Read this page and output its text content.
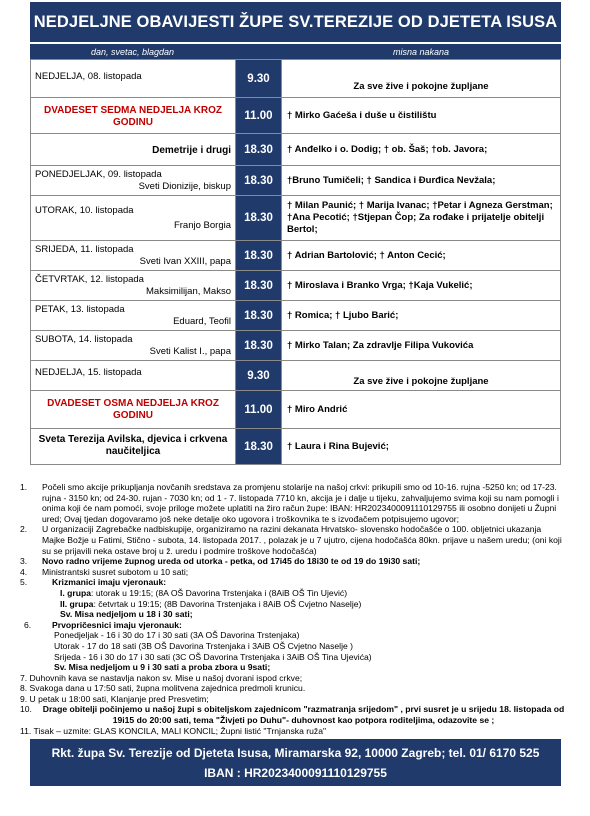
NEDJELJNE OBAVIJESTI ŽUPE SV.TEREZIJE OD DJETETA ISUSA
dan, svetac, blagdan	misna nakana
NEDJELJA, 08. listopada	9.30	Za sve žive i pokojne župljane

DVADESET SEDMA NEDJELJA KROZ GODINU	11.00	† Mirko Gaćeša i duše u čistilištu

Demetrije i drugi	18.30	† Anđelko i o. Dodig; † ob. Šaš; †ob. Javora;

PONEDJELJAK, 09. listopada
Sveti Dionizije, biskup	18.30	†Bruno Tumičeli; † Sandica i Đurđica Nevžala;

UTORAK, 10. listopada
Franjo Borgia	18.30	† Milan Paunić; † Marija Ivanac; †Petar i Agneza Gerstman; †Ana Pecotić; †Stjepan Čop; Za rođake i prijatelje obitelji Bertol;

SRIJEDA, 11. listopada
Sveti Ivan XXIII, papa	18.30	† Adrian Bartolović; † Anton Cecić;

ČETVRTAK, 12. listopada
Maksimilijan, Makso	18.30	† Miroslava i Branko Vrga; †Kaja Vukelić;

PETAK, 13. listopada
Eduard, Teofil	18.30	† Romica; † Ljubo Barić;

SUBOTA, 14. listopada
Sveti Kalist I., papa	18.30	† Mirko Talan; Za zdravlje Filipa Vukovića

NEDJELJA, 15. listopada	9.30	Za sve žive i pokojne župljane

DVADESET OSMA NEDJELJA KROZ GODINU	11.00	† Miro Andrić

Sveta Terezija Avilska, djevica i crkvena naučiteljica	18.30	† Laura i Rina Bujević;
1.	Počeli smo akcije prikupljanja novčanih sredstava za promjenu stolarije na našoj crkvi: prikupili smo od 10-16. rujna -5250 kn; od 17-23. rujna - 3150 kn; od 24-30. rujan - 7030 kn; od 1 - 7. listopada 7710 kn, akcija je i dalje u tijeku, zahvaljujemo svima koji su nam pomogli i onima koji će nam pomoći, svoje priloge možete uplatiti na žiro račun župe: IBAN: HR2023400091110129755 ili osobno donijeti u Župni ured; Ovaj tjedan dogovaramo još neke detalje oko ugovora i troškovnika te s izvođačem potpisujemo ugovor;
2.	U organizaciji Zagrebačke nadbiskupije, organiziramo na razini dekanata Hrvatsko- slovensko hodočašće o 100. obljetnici ukazanja Majke Božje u Fatimi, Stično - subota, 14. listopada 2017. , polazak je u 7 ujutro, cijena hodočašća 80kn. prijave u našem uredu; (oni koji su se prijavili neka ostave broj u ž. uredu i podmire troškove hodočašća)
3.	Novo radno vrijeme župnog ureda od utorka - petka, od 17i45 do 18i30 te od 19 do 19i30 sati;
4.	Ministrantski susret subotom u 10 sati;
5.	Krizmanici imaju vjeronauk:
I. grupa: utorak u 19:15; (8A OŠ Davorina Trstenjaka i (8AiB OŠ Tin Ujević)
II. grupa: četvrtak u 19:15; (8B Davorina Trstenjaka i 8AiB OŠ Cvjetno Naselje)
Sv. Misa nedjeljom u 18 i 30 sati;
6.	Prvopričesnici imaju vjeronauk:
Ponedjeljak - 16 i 30 do 17 i 30 sati (3A OŠ Davorina Trstenjaka)
Utorak - 17 do 18 sati (3B OŠ Davorina Trstenjaka i 3AiB OŠ Cvjetno Naselje )
Srijeda - 16 i 30 do 17 i 30 sati (3C OŠ Davorina Trstenjaka i 3AiB OŠ Tina Ujevića)
Sv. Misa nedjeljom u 9 i 30 sati a proba zbora u 9sati;
7. Duhovnih kava se nastavlja nakon sv. Mise u našoj dvorani ispod crkve;
8. Svakoga dana u 17:50 sati, župna molitvena zajednica predmoli krunicu.
9. U petak u 18:00 sati, Klanjanje pred Presvetim;
10.	Drage obitelji počinjemo u našoj župi s obiteljskom zajednicom "razmatranja srijedom" , prvi susret je u srijedu 18. listopada od 19i15 do 20:00 sati, tema "Živjeti po Duhu"- duhovnost kao potpora roditeljima, odazovite se ;
11. Tisak – uzmite: GLAS KONCILA, MALI KONCIL; Župni listić "Trnjanska ruža"
Rkt. župa Sv. Terezije od Djeteta Isusa, Miramarska 92, 10000 Zagreb; tel. 01/ 6170 525
IBAN : HR2023400091110129755
